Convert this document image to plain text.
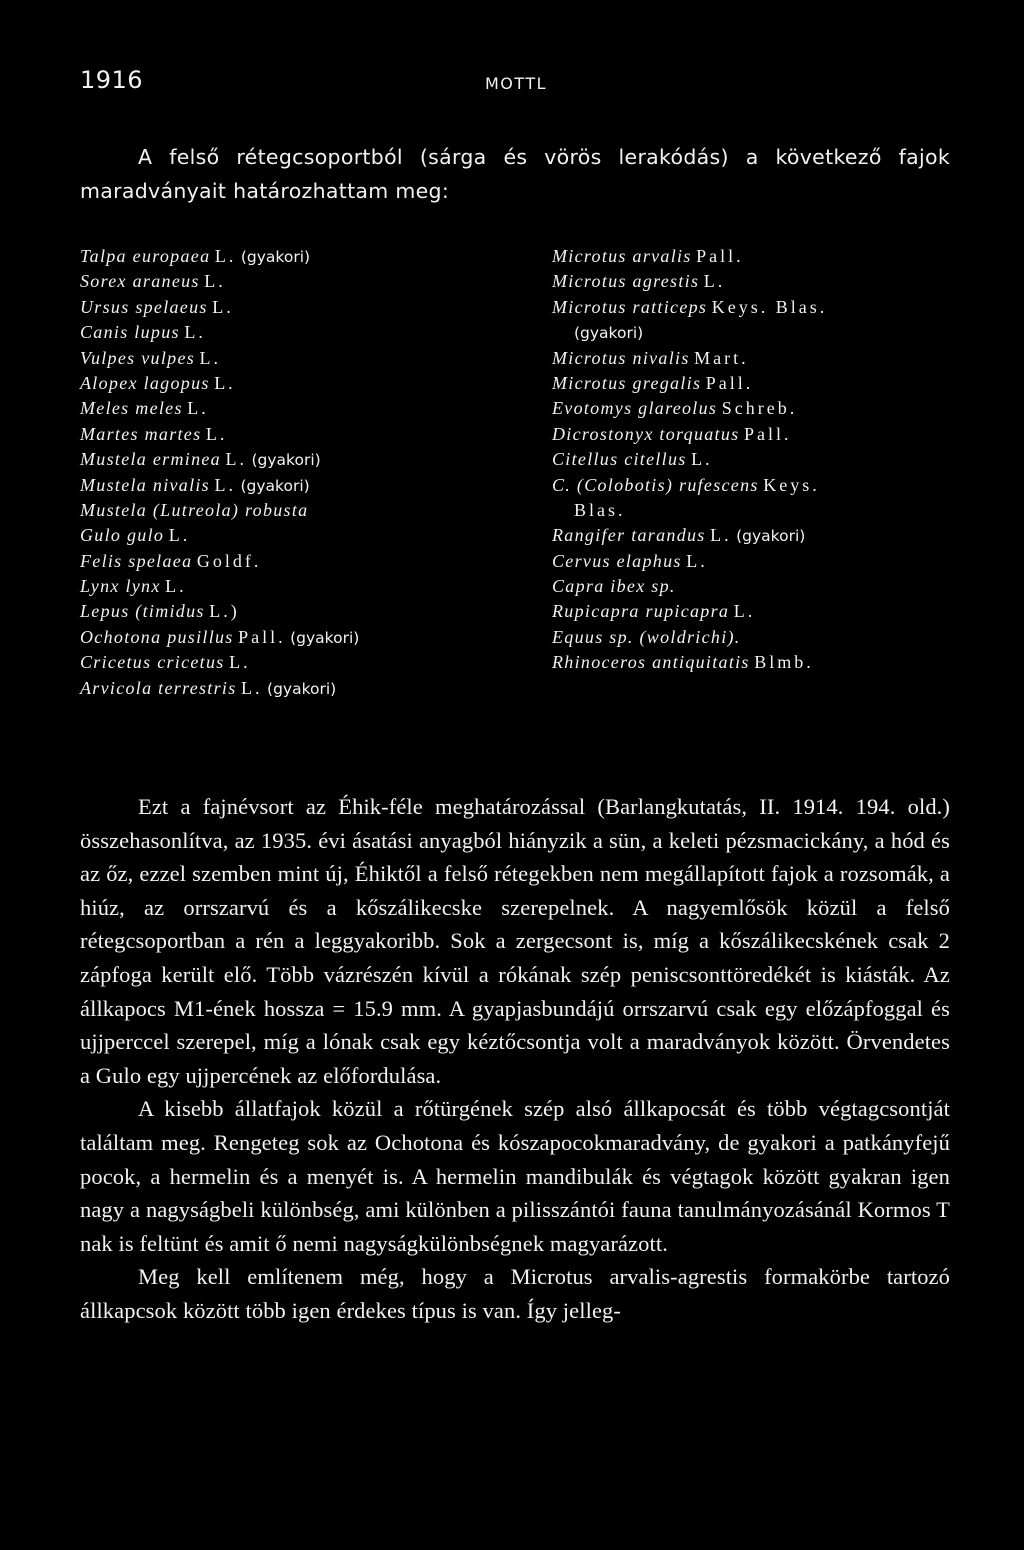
1916	MOTTL

A felső rétegcsoportból (sárga és vörös lerakódás) a következő fajok maradványait határozhattam meg:

Talpa europaea L. (gyakori)
Sorex araneus L.
Ursus spelaeus L.
Canis lupus L.
Vulpes vulpes L.
Alopex lagopus L.
Meles meles L.
Martes martes L.
Mustela erminea L. (gyakori)
Mustela nivalis L. (gyakori)
Mustela (Lutreola) robusta
Gulo gulo L.
Felis spelaea Goldf.
Lynx lynx L.
Lepus (timidus L.)
Ochotona pusillus Pall. (gyakori)
Cricetus cricetus L.
Arvicola terrestris L. (gyakori)
Microtus arvalis Pall.
Microtus agrestis L.
Microtus ratticeps Keys. Blas.
(gyakori)
Microtus nivalis Mart.
Microtus gregalis Pall.
Evotomys glareolus Schreb.
Dicrostonyx torquatus Pall.
Citellus citellus L.
C. (Colobotis) rufescens Keys.
Blas.
Rangifer tarandus L. (gyakori)
Cervus elaphus L.
Capra ibex sp.
Rupicapra rupicapra L.
Equus sp. (woldrichi).
Rhinoceros antiquitatis Blmb.

Ezt a fajnévsort az Éhik-féle meghatározással (Barlangkutatás, II. 1914. 194. old.) összehasonlítva, az 1935. évi ásatási anyagból hiányzik a sün, a keleti pézsmacickány, a hód és az őz, ezzel szemben mint új, Éhiktől a felső rétegekben nem megállapított fajok a rozsomák, a hiúz, az orrszarvú és a kőszálikecske szerepelnek. A nagyemlősök közül a felső rétegcsoportban a rén a leggyakoribb. Sok a zergecsont is, míg a kőszálikecskének csak 2 zápfoga került elő. Több vázrészén kívül a rókának szép peniscsonttöredékét is kiásták. Az állkapocs M1-ének hossza = 15.9 mm. A gyapjasbundájú orrszarvú csak egy előzápfoggal és ujjperccel szerepel, míg a lónak csak egy kéztőcsontja volt a maradványok között. Örvendetes a Gulo egy ujjpercének az előfordulása.

A kisebb állatfajok közül a rőtürgének szép alsó állkapocsát és több végtagcsontját találtam meg. Rengeteg sok az Ochotona és kószapocokmaradvány, de gyakori a patkányfejű pocok, a hermelin és a menyét is. A hermelin mandibulák és végtagok között gyakran igen nagy a nagyságbeli különbség, ami különben a pilisszántói fauna tanulmányozásánál Kormos T nak is feltünt és amit ő nemi nagyságkülönbségnek magyarázott.

Meg kell említenem még, hogy a Microtus arvalis-agrestis formakörbe tartozó állkapcsok között több igen érdekes típus is van. Így jelleg-
